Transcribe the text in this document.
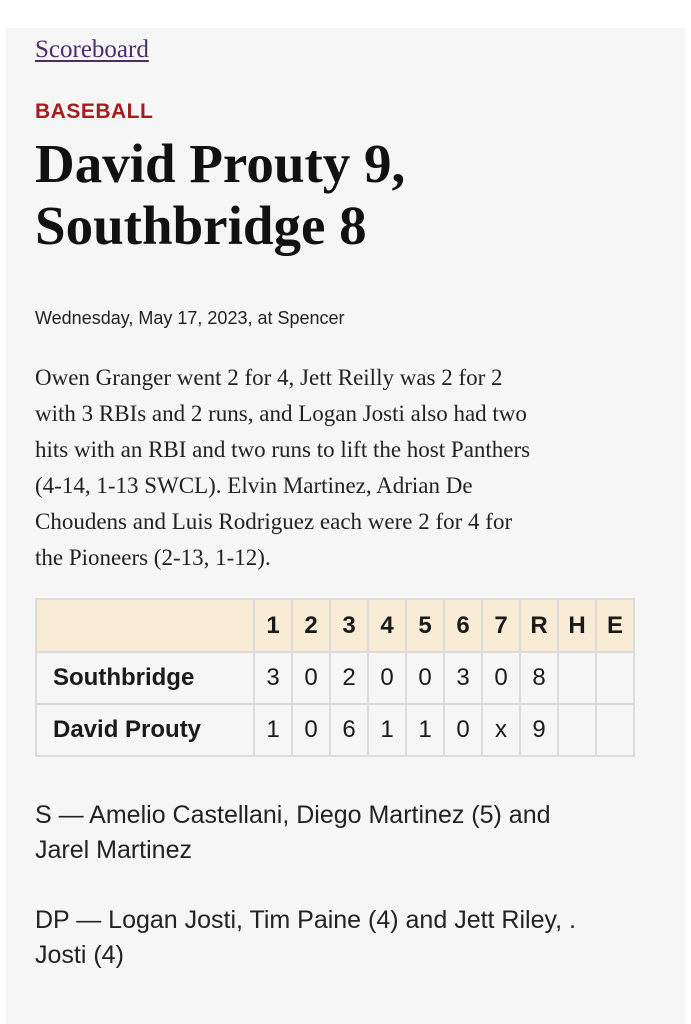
Scoreboard
BASEBALL
David Prouty 9,
Southbridge 8
Wednesday, May 17, 2023, at Spencer

Owen Granger went 2 for 4, Jett Reilly was 2 for 2
with 3 RBIs and 2 runs, and Logan Josti also had two
hits with an RBI and two runs to lift the host Panthers
(4-14, 1-13 SWCL). Elvin Martinez, Adrian De
Choudens and Luis Rodriguez each were 2 for 4 for
the Pioneers (2-13, 1-12).

	1	2	3	4	5	6	7	R	H	E
Southbridge	3	0	2	0	0	3	0	8		
David Prouty	1	0	6	1	1	0	x	9		

S — Amelio Castellani, Diego Martinez (5) and
Jarel Martinez

DP — Logan Josti, Tim Paine (4) and Jett Riley, .
Josti (4)
